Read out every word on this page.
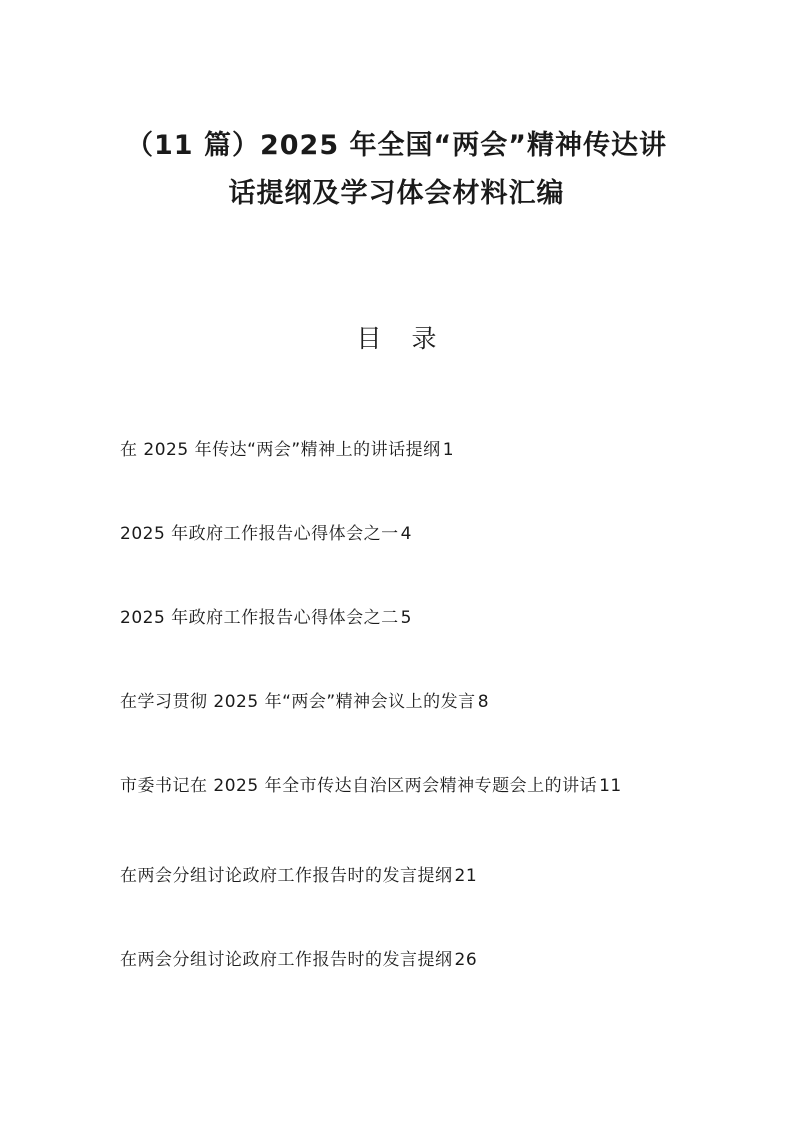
（11 篇）2025 年全国“两会”精神传达讲
话提纲及学习体会材料汇编
目录
在 2025 年传达“两会”精神上的讲话提纲 1
2025 年政府工作报告心得体会之一 4
2025 年政府工作报告心得体会之二 5
在学习贯彻 2025 年“两会”精神会议上的发言 8
市委书记在 2025 年全市传达自治区两会精神专题会上的讲话 11
在两会分组讨论政府工作报告时的发言提纲 21
在两会分组讨论政府工作报告时的发言提纲 26
